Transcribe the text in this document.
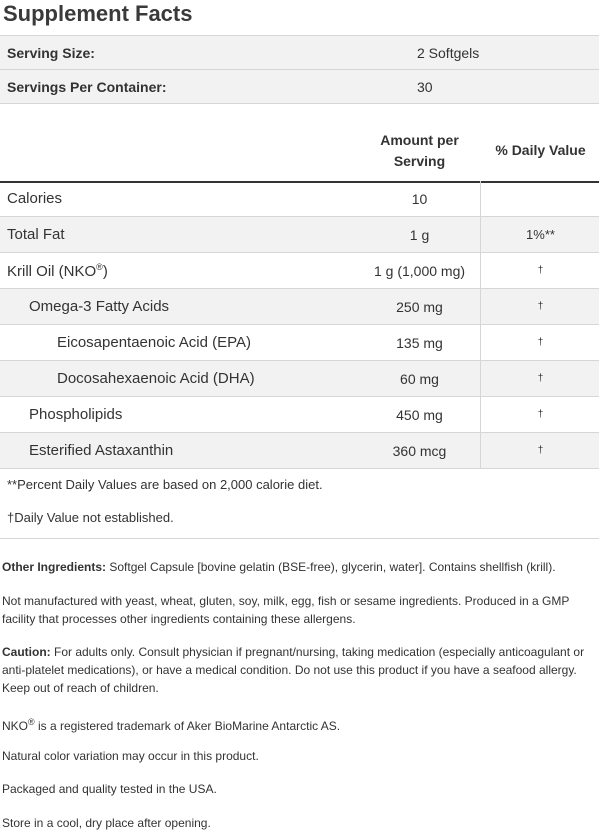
Supplement Facts
Serving Size:	2 Softgels
Servings Per Container:	30
Amount per
Serving
% Daily Value
Calories	10
Total Fat	1 g	1%**
Krill Oil (NKO®)	1 g (1,000 mg)	†
Omega-3 Fatty Acids	250 mg	†
Eicosapentaenoic Acid (EPA)	135 mg	†
Docosahexaenoic Acid (DHA)	60 mg	†
Phospholipids	450 mg	†
Esterified Astaxanthin	360 mcg	†
**Percent Daily Values are based on 2,000 calorie diet.
†Daily Value not established.

Other Ingredients: Softgel Capsule [bovine gelatin (BSE-free), glycerin, water]. Contains shellfish (krill).

Not manufactured with yeast, wheat, gluten, soy, milk, egg, fish or sesame ingredients. Produced in a GMP facility that processes other ingredients containing these allergens.

Caution: For adults only. Consult physician if pregnant/nursing, taking medication (especially anticoagulant or anti-platelet medications), or have a medical condition. Do not use this product if you have a seafood allergy. Keep out of reach of children.

NKO® is a registered trademark of Aker BioMarine Antarctic AS.

Natural color variation may occur in this product.

Packaged and quality tested in the USA.

Store in a cool, dry place after opening.
